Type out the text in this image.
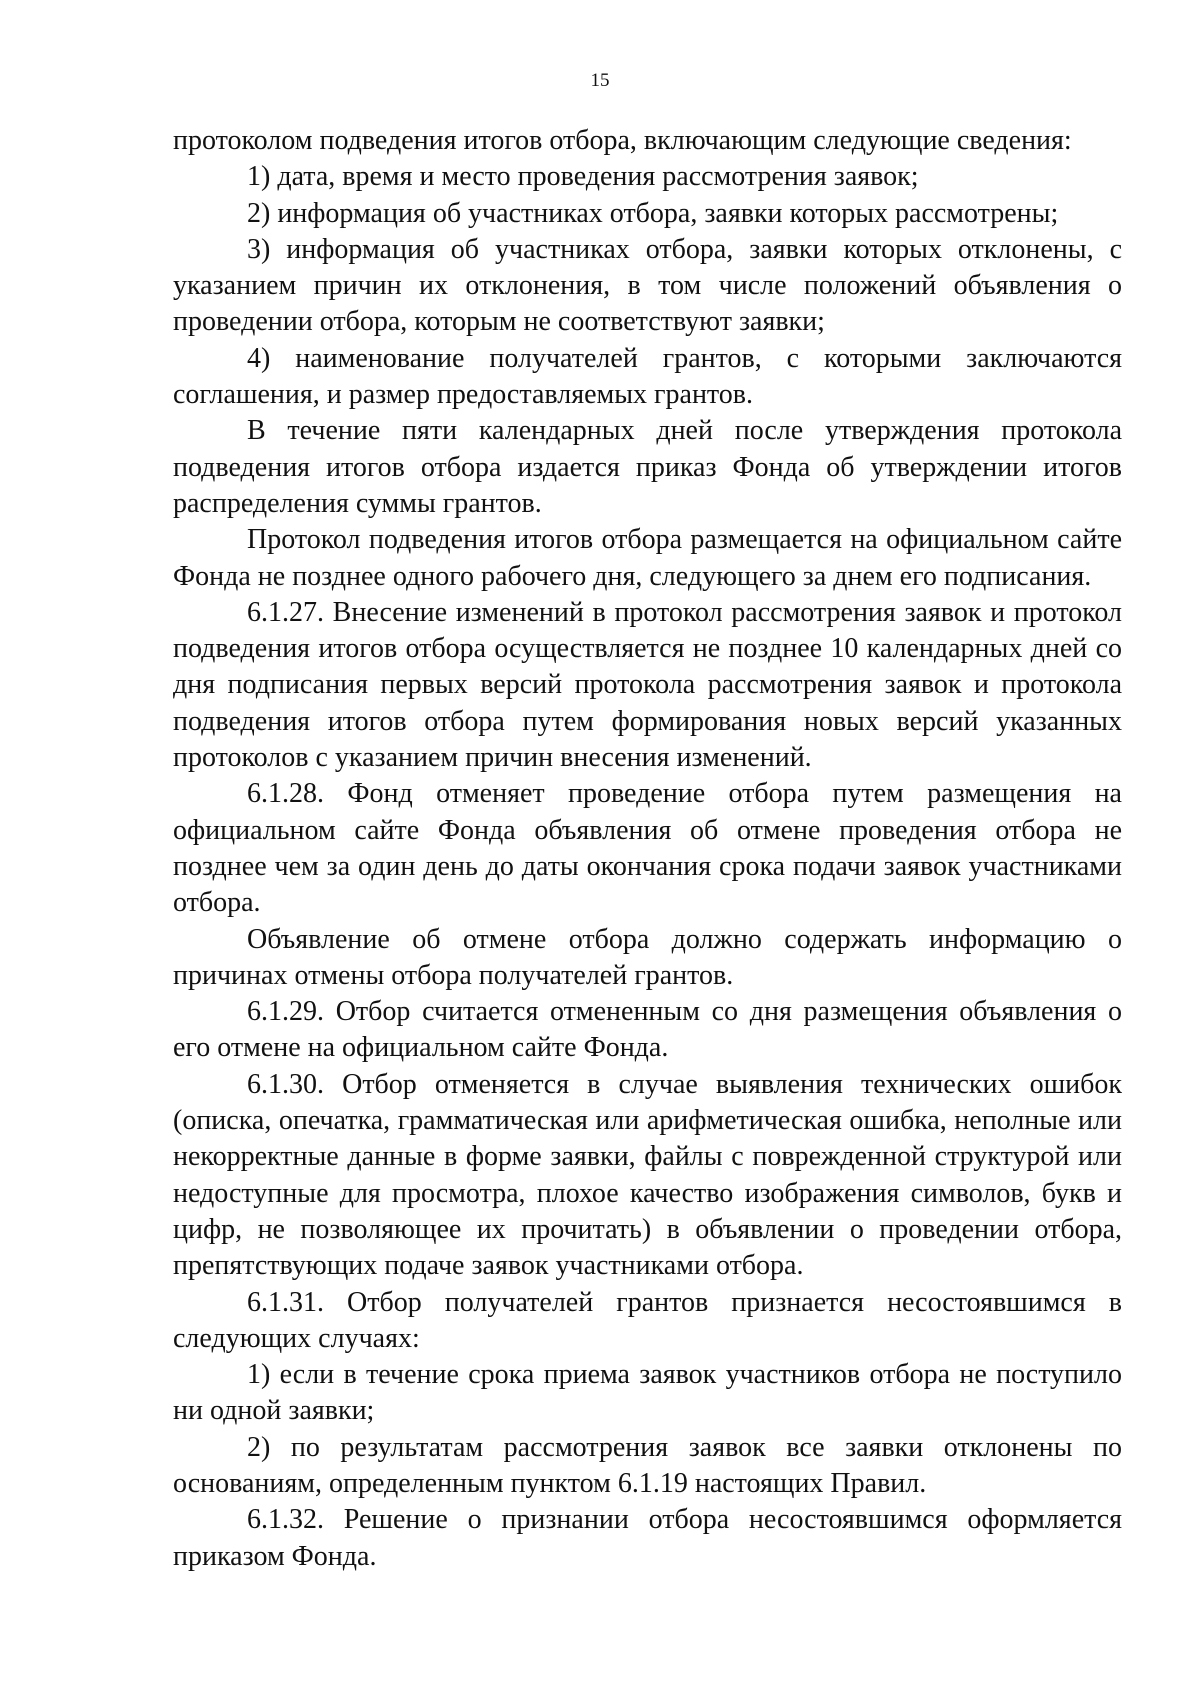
15

протоколом подведения итогов отбора, включающим следующие сведения:

1) дата, время и место проведения рассмотрения заявок;

2) информация об участниках отбора, заявки которых рассмотрены;

3) информация об участниках отбора, заявки которых отклонены, с указанием причин их отклонения, в том числе положений объявления о проведении отбора, которым не соответствуют заявки;

4) наименование получателей грантов, с которыми заключаются соглашения, и размер предоставляемых грантов.

В течение пяти календарных дней после утверждения протокола подведения итогов отбора издается приказ Фонда об утверждении итогов распределения суммы грантов.

Протокол подведения итогов отбора размещается на официальном сайте Фонда не позднее одного рабочего дня, следующего за днем его подписания.

6.1.27. Внесение изменений в протокол рассмотрения заявок и протокол подведения итогов отбора осуществляется не позднее 10 календарных дней со дня подписания первых версий протокола рассмотрения заявок и протокола подведения итогов отбора путем формирования новых версий указанных протоколов с указанием причин внесения изменений.

6.1.28. Фонд отменяет проведение отбора путем размещения на официальном сайте Фонда объявления об отмене проведения отбора не позднее чем за один день до даты окончания срока подачи заявок участниками отбора.

Объявление об отмене отбора должно содержать информацию о причинах отмены отбора получателей грантов.

6.1.29. Отбор считается отмененным со дня размещения объявления о его отмене на официальном сайте Фонда.

6.1.30. Отбор отменяется в случае выявления технических ошибок (описка, опечатка, грамматическая или арифметическая ошибка, неполные или некорректные данные в форме заявки, файлы с поврежденной структурой или недоступные для просмотра, плохое качество изображения символов, букв и цифр, не позволяющее их прочитать) в объявлении о проведении отбора, препятствующих подаче заявок участниками отбора.

6.1.31. Отбор получателей грантов признается несостоявшимся в следующих случаях:

1) если в течение срока приема заявок участников отбора не поступило ни одной заявки;

2) по результатам рассмотрения заявок все заявки отклонены по основаниям, определенным пунктом 6.1.19 настоящих Правил.

6.1.32. Решение о признании отбора несостоявшимся оформляется приказом Фонда.
